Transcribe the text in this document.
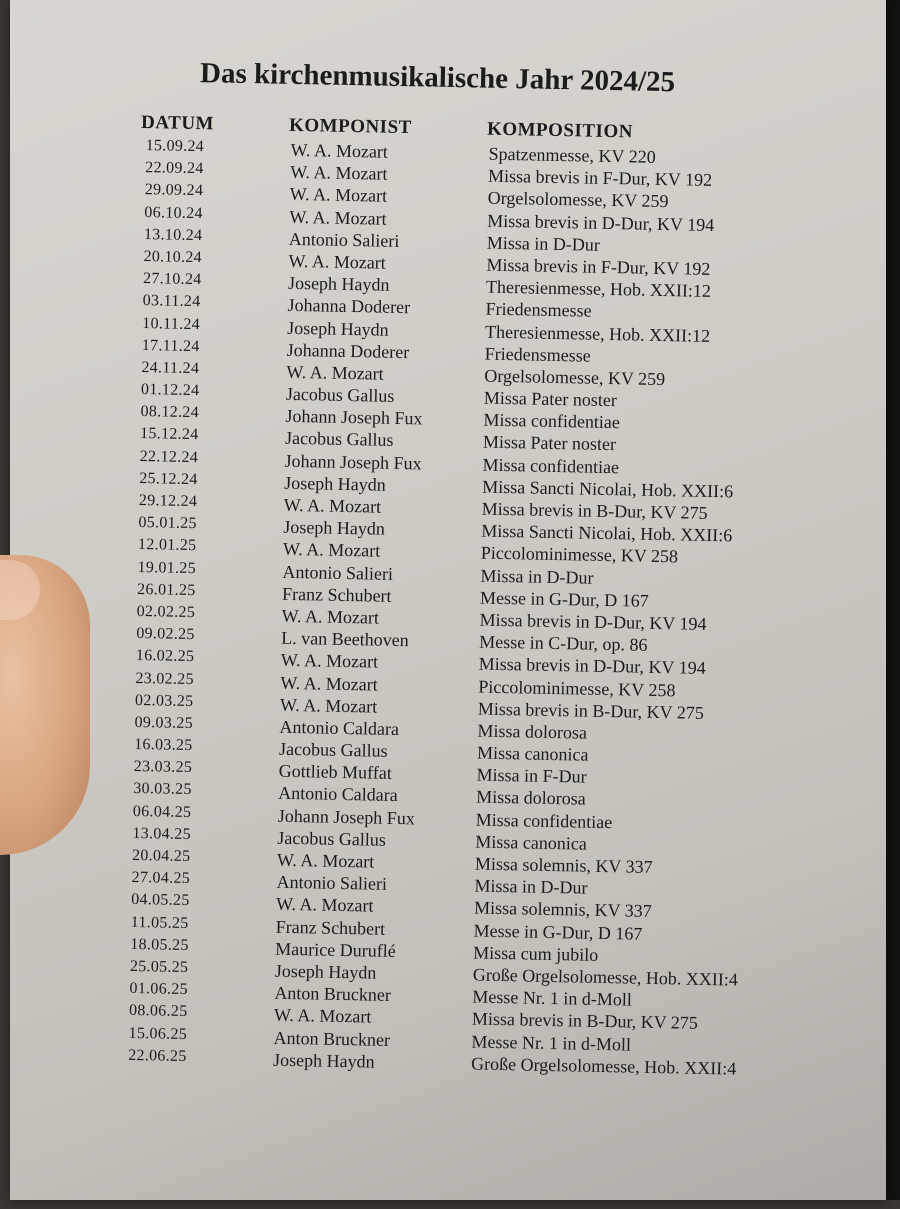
Das kirchenmusikalische Jahr 2024/25
DATUM	KOMPONIST	KOMPOSITION
15.09.24	W. A. Mozart	Spatzenmesse, KV 220
22.09.24	W. A. Mozart	Missa brevis in F-Dur, KV 192
29.09.24	W. A. Mozart	Orgelsolomesse, KV 259
06.10.24	W. A. Mozart	Missa brevis in D-Dur, KV 194
13.10.24	Antonio Salieri	Missa in D-Dur
20.10.24	W. A. Mozart	Missa brevis in F-Dur, KV 192
27.10.24	Joseph Haydn	Theresienmesse, Hob. XXII:12
03.11.24	Johanna Doderer	Friedensmesse
10.11.24	Joseph Haydn	Theresienmesse, Hob. XXII:12
17.11.24	Johanna Doderer	Friedensmesse
24.11.24	W. A. Mozart	Orgelsolomesse, KV 259
01.12.24	Jacobus Gallus	Missa Pater noster
08.12.24	Johann Joseph Fux	Missa confidentiae
15.12.24	Jacobus Gallus	Missa Pater noster
22.12.24	Johann Joseph Fux	Missa confidentiae
25.12.24	Joseph Haydn	Missa Sancti Nicolai, Hob. XXII:6
29.12.24	W. A. Mozart	Missa brevis in B-Dur, KV 275
05.01.25	Joseph Haydn	Missa Sancti Nicolai, Hob. XXII:6
12.01.25	W. A. Mozart	Piccolominimesse, KV 258
19.01.25	Antonio Salieri	Missa in D-Dur
26.01.25	Franz Schubert	Messe in G-Dur, D 167
02.02.25	W. A. Mozart	Missa brevis in D-Dur, KV 194
09.02.25	L. van Beethoven	Messe in C-Dur, op. 86
16.02.25	W. A. Mozart	Missa brevis in D-Dur, KV 194
23.02.25	W. A. Mozart	Piccolominimesse, KV 258
02.03.25	W. A. Mozart	Missa brevis in B-Dur, KV 275
09.03.25	Antonio Caldara	Missa dolorosa
16.03.25	Jacobus Gallus	Missa canonica
23.03.25	Gottlieb Muffat	Missa in F-Dur
30.03.25	Antonio Caldara	Missa dolorosa
06.04.25	Johann Joseph Fux	Missa confidentiae
13.04.25	Jacobus Gallus	Missa canonica
20.04.25	W. A. Mozart	Missa solemnis, KV 337
27.04.25	Antonio Salieri	Missa in D-Dur
04.05.25	W. A. Mozart	Missa solemnis, KV 337
11.05.25	Franz Schubert	Messe in G-Dur, D 167
18.05.25	Maurice Duruflé	Missa cum jubilo
25.05.25	Joseph Haydn	Große Orgelsolomesse, Hob. XXII:4
01.06.25	Anton Bruckner	Messe Nr. 1 in d-Moll
08.06.25	W. A. Mozart	Missa brevis in B-Dur, KV 275
15.06.25	Anton Bruckner	Messe Nr. 1 in d-Moll
22.06.25	Joseph Haydn	Große Orgelsolomesse, Hob. XXII:4
